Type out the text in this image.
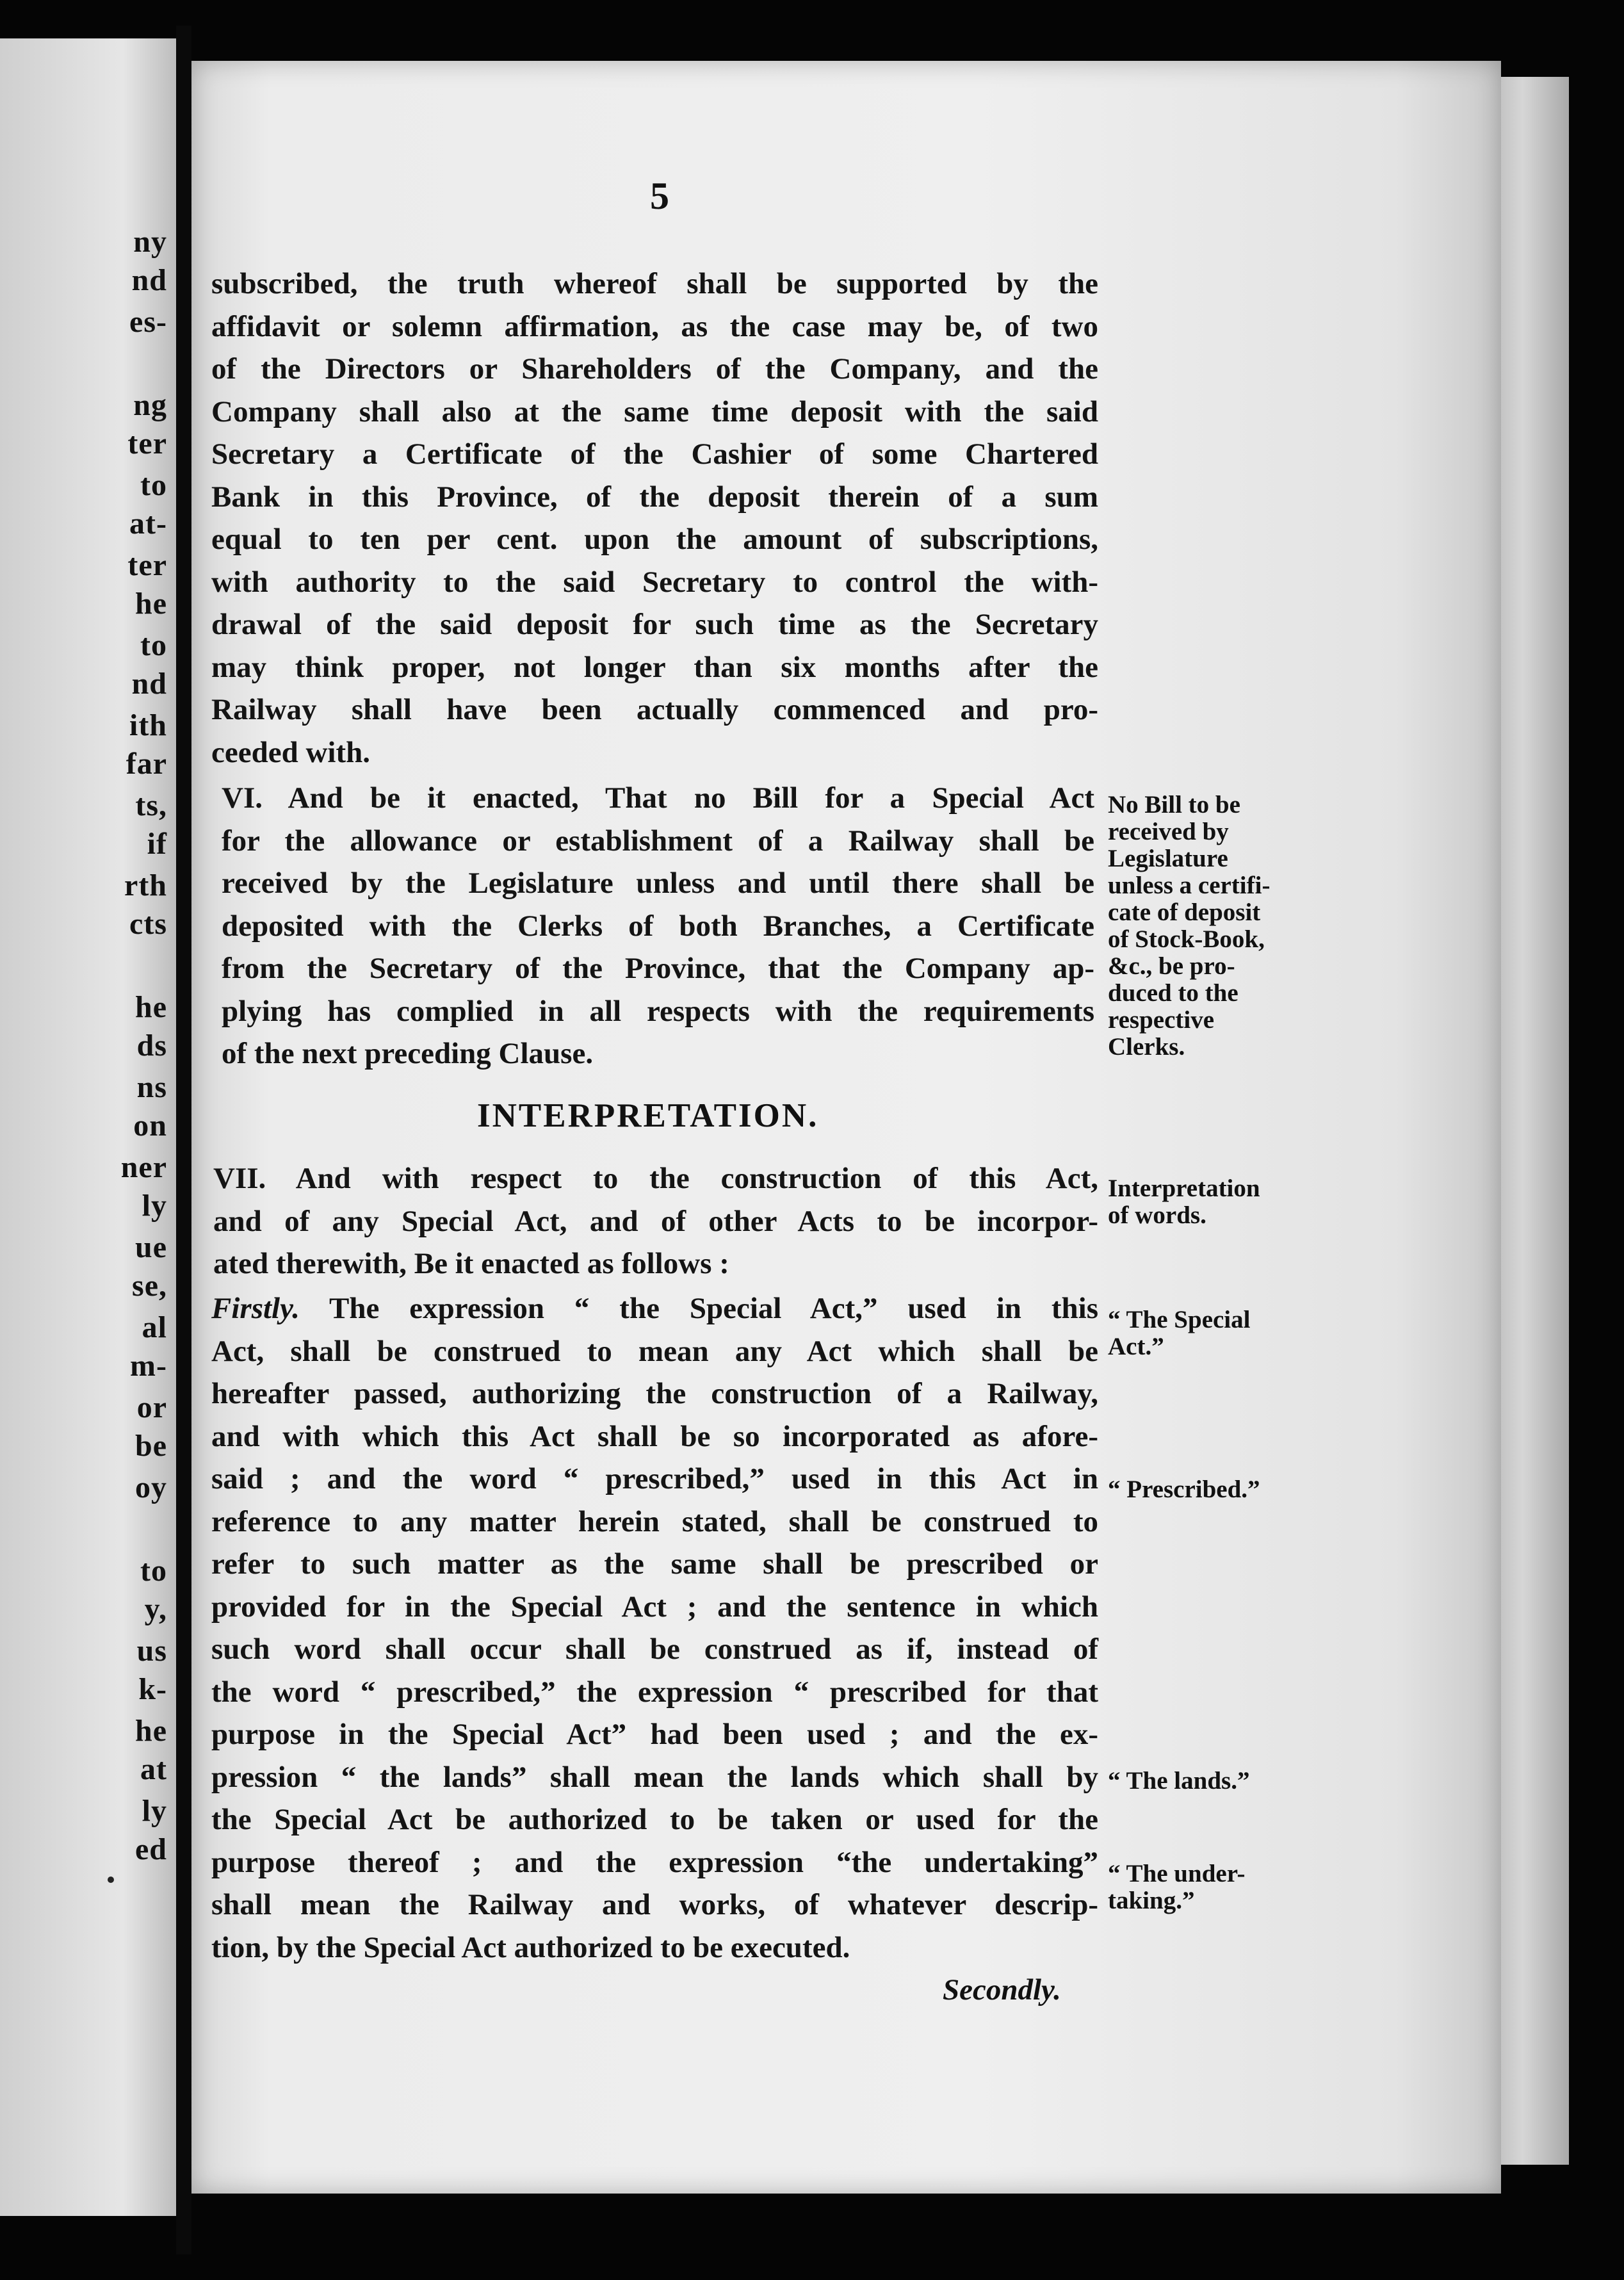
ny
nd
es-
ng
ter
to
at-
ter
he
to
nd
ith
far
ts,
if
rth
cts
he
ds
ns
on
ner
ly
ue
se,
al
m-
or
be
oy
to
y,
us
k-
he
at
ly
ed
5
subscribed, the truth whereof shall be supported by the
affidavit or solemn affirmation, as the case may be, of two
of the Directors or Shareholders of the Company, and the
Company shall also at the same time deposit with the said
Secretary a Certificate of the Cashier of some Chartered
Bank in this Province, of the deposit therein of a sum
equal to ten per cent. upon the amount of subscriptions,
with authority to the said Secretary to control the with-
drawal of the said deposit for such time as the Secretary
may think proper, not longer than six months after the
Railway shall have been actually commenced and pro-
ceeded with.
VI. And be it enacted, That no Bill for a Special Act
for the allowance or establishment of a Railway shall be
received by the Legislature unless and until there shall be
deposited with the Clerks of both Branches, a Certificate
from the Secretary of the Province, that the Company ap-
plying has complied in all respects with the requirements
of the next preceding Clause.
INTERPRETATION.
VII. And with respect to the construction of this Act,
and of any Special Act, and of other Acts to be incorpor-
ated therewith, Be it enacted as follows :
Firstly. The expression “ the Special Act,” used in this
Act, shall be construed to mean any Act which shall be
hereafter passed, authorizing the construction of a Railway,
and with which this Act shall be so incorporated as afore-
said ; and the word “ prescribed,” used in this Act in
reference to any matter herein stated, shall be construed to
refer to such matter as the same shall be prescribed or
provided for in the Special Act ; and the sentence in which
such word shall occur shall be construed as if, instead of
the word “ prescribed,” the expression “ prescribed for that
purpose in the Special Act” had been used ; and the ex-
pression “ the lands” shall mean the lands which shall by
the Special Act be authorized to be taken or used for the
purpose thereof ; and the expression “the undertaking”
shall mean the Railway and works, of whatever descrip-
tion, by the Special Act authorized to be executed.
Secondly.
No Bill to be
received by
Legislature
unless a certifi-
cate of deposit
of Stock-Book,
&c., be pro-
duced to the
respective
Clerks.
Interpretation
of words.
“ The Special
Act.”
“ Prescribed.”
“ The lands.”
“ The under-
taking.”
